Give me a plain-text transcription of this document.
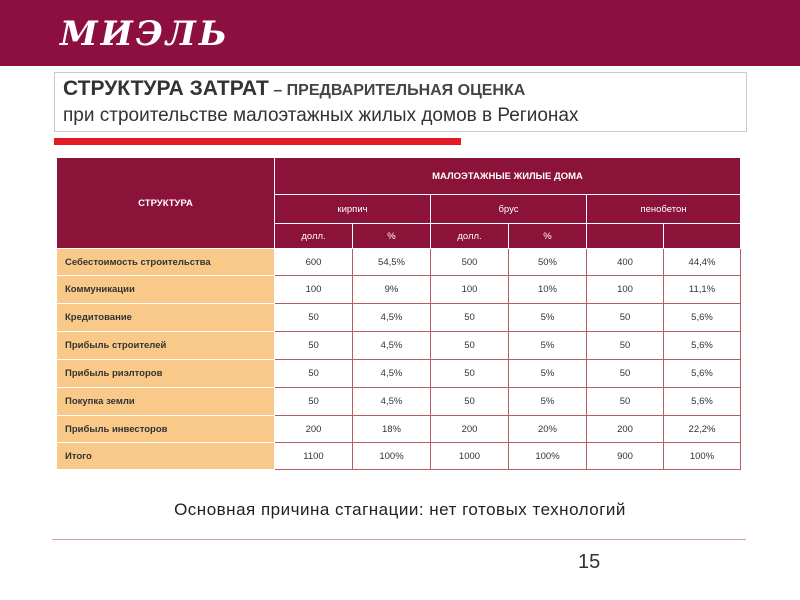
МИЭЛЬ
СТРУКТУРА ЗАТРАТ – ПРЕДВАРИТЕЛЬНАЯ ОЦЕНКА
при строительстве малоэтажных жилых домов в Регионах
СТРУКТУРА	МАЛОЭТАЖНЫЕ ЖИЛЫЕ ДОМА					
	кирпич		брус		пенобетон	
	долл.	%	долл.	%		
Себестоимость строительства	600	54,5%	500	50%	400	44,4%
Коммуникации	100	9%	100	10%	100	11,1%
Кредитование	50	4,5%	50	5%	50	5,6%
Прибыль строителей	50	4,5%	50	5%	50	5,6%
Прибыль риэлторов	50	4,5%	50	5%	50	5,6%
Покупка земли	50	4,5%	50	5%	50	5,6%
Прибыль инвесторов	200	18%	200	20%	200	22,2%
Итого	1100	100%	1000	100%	900	100%
Основная причина стагнации: нет готовых технологий
15
